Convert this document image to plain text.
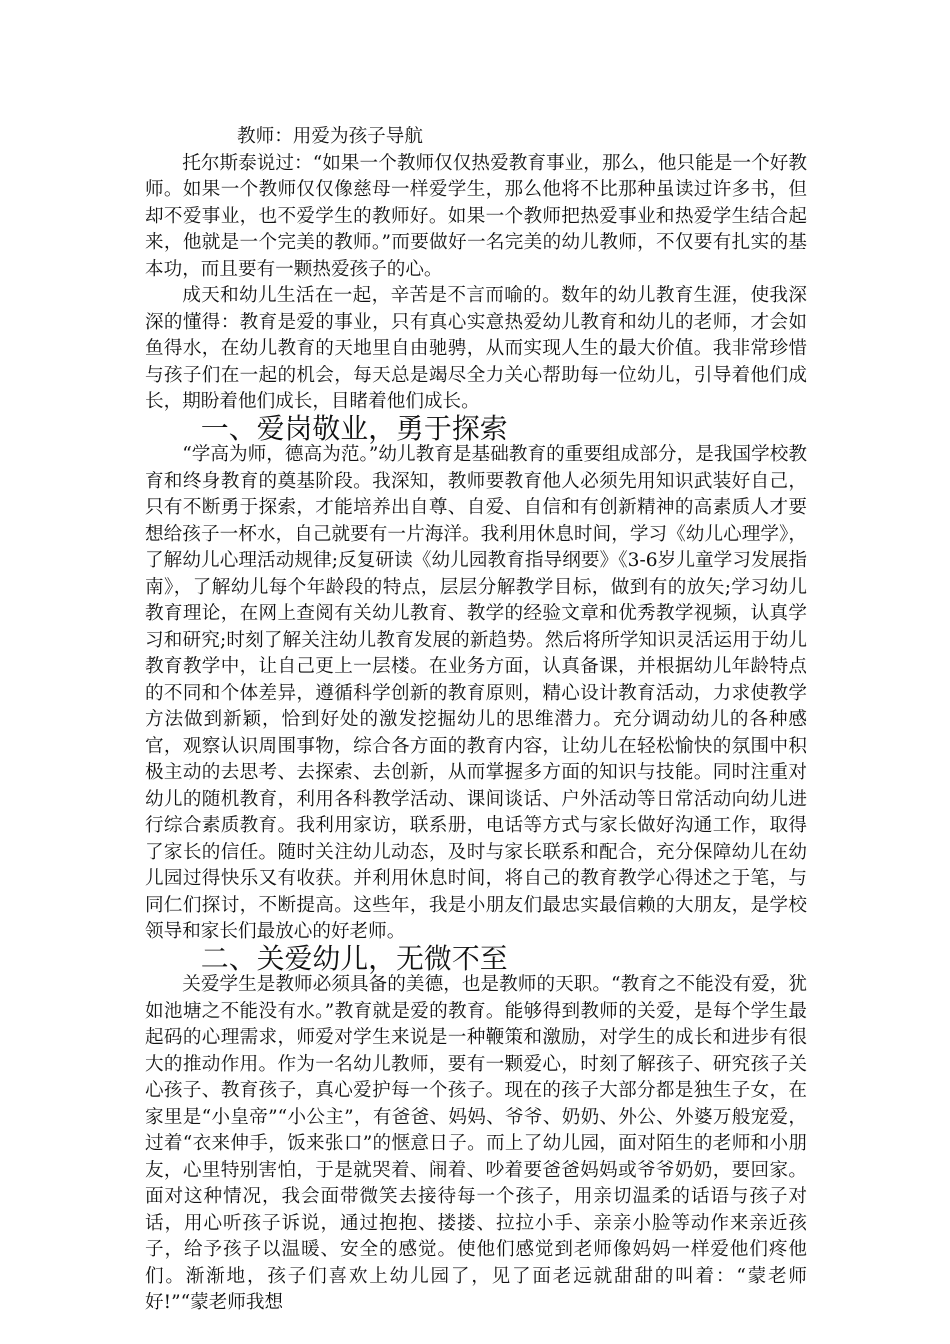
教师：用爱为孩子导航

托尔斯泰说过：“如果一个教师仅仅热爱教育事业，那么，他只能是一个好教师。如果一个教师仅仅像慈母一样爱学生，那么他将不比那种虽读过许多书，但却不爱事业，也不爱学生的教师好。如果一个教师把热爱事业和热爱学生结合起来，他就是一个完美的教师。”而要做好一名完美的幼儿教师，不仅要有扎实的基本功，而且要有一颗热爱孩子的心。

成天和幼儿生活在一起，辛苦是不言而喻的。数年的幼儿教育生涯，使我深深的懂得：教育是爱的事业，只有真心实意热爱幼儿教育和幼儿的老师，才会如鱼得水，在幼儿教育的天地里自由驰骋，从而实现人生的最大价值。我非常珍惜与孩子们在一起的机会，每天总是竭尽全力关心帮助每一位幼儿，引导着他们成长，期盼着他们成长，目睹着他们成长。

一、爱岗敬业，勇于探索

“学高为师，德高为范。”幼儿教育是基础教育的重要组成部分，是我国学校教育和终身教育的奠基阶段。我深知，教师要教育他人必须先用知识武装好自己，只有不断勇于探索，才能培养出自尊、自爱、自信和有创新精神的高素质人才要想给孩子一杯水，自己就要有一片海洋。我利用休息时间，学习《幼儿心理学》，了解幼儿心理活动规律;反复研读《幼儿园教育指导纲要》《3-6岁儿童学习发展指南》，了解幼儿每个年龄段的特点，层层分解教学目标，做到有的放矢;学习幼儿教育理论，在网上查阅有关幼儿教育、教学的经验文章和优秀教学视频，认真学习和研究;时刻了解关注幼儿教育发展的新趋势。然后将所学知识灵活运用于幼儿教育教学中，让自己更上一层楼。在业务方面，认真备课，并根据幼儿年龄特点的不同和个体差异，遵循科学创新的教育原则，精心设计教育活动，力求使教学方法做到新颖，恰到好处的激发挖掘幼儿的思维潜力。充分调动幼儿的各种感官，观察认识周围事物，综合各方面的教育内容，让幼儿在轻松愉快的氛围中积极主动的去思考、去探索、去创新，从而掌握多方面的知识与技能。同时注重对幼儿的随机教育，利用各科教学活动、课间谈话、户外活动等日常活动向幼儿进行综合素质教育。我利用家访，联系册，电话等方式与家长做好沟通工作，取得了家长的信任。随时关注幼儿动态，及时与家长联系和配合，充分保障幼儿在幼儿园过得快乐又有收获。并利用休息时间，将自己的教育教学心得述之于笔，与同仁们探讨，不断提高。这些年，我是小朋友们最忠实最信赖的大朋友，是学校领导和家长们最放心的好老师。

二、关爱幼儿，无微不至

关爱学生是教师必须具备的美德，也是教师的天职。“教育之不能没有爱，犹如池塘之不能没有水。”教育就是爱的教育。能够得到教师的关爱，是每个学生最起码的心理需求，师爱对学生来说是一种鞭策和激励，对学生的成长和进步有很大的推动作用。作为一名幼儿教师，要有一颗爱心，时刻了解孩子、研究孩子关心孩子、教育孩子，真心爱护每一个孩子。现在的孩子大部分都是独生子女，在家里是“小皇帝”“小公主”，有爸爸、妈妈、爷爷、奶奶、外公、外婆万般宠爱，过着“衣来伸手，饭来张口”的惬意日子。而上了幼儿园，面对陌生的老师和小朋友，心里特别害怕，于是就哭着、闹着、吵着要爸爸妈妈或爷爷奶奶，要回家。面对这种情况，我会面带微笑去接待每一个孩子，用亲切温柔的话语与孩子对话，用心听孩子诉说，通过抱抱、搂搂、拉拉小手、亲亲小脸等动作来亲近孩子，给予孩子以温暖、安全的感觉。使他们感觉到老师像妈妈一样爱他们疼他们。渐渐地，孩子们喜欢上幼儿园了，见了面老远就甜甜的叫着：“蒙老师好!”“蒙老师我想
